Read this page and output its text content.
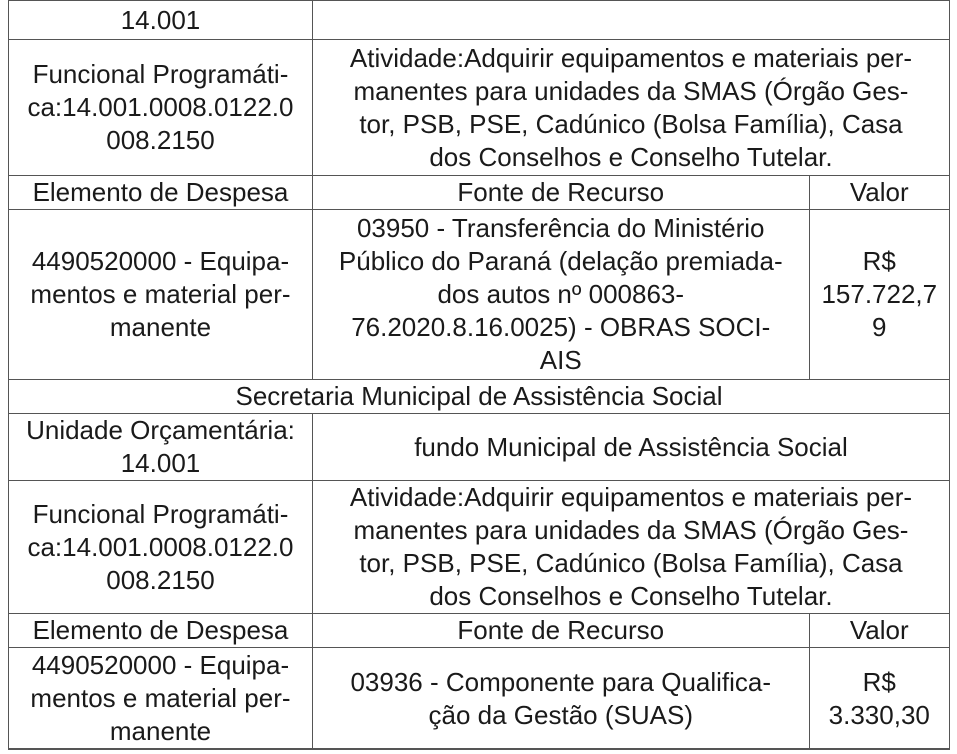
14.001		
Funcional Programáti-
ca:14.001.0008.0122.0
008.2150	Atividade:Adquirir equipamentos e materiais per-
manentes para unidades da SMAS (Órgão Ges-
tor, PSB, PSE, Cadúnico (Bolsa Família), Casa
dos Conselhos e Conselho Tutelar.	
Elemento de Despesa	Fonte de Recurso	Valor
4490520000 - Equipa-
mentos e material per-
manente	03950 - Transferência do Ministério
Público do Paraná (delação premiada-
dos autos nº 000863-
76.2020.8.16.0025) - OBRAS SOCI-
AIS	R$
157.722,7
9
Secretaria Municipal de Assistência Social		
Unidade Orçamentária:
14.001	fundo Municipal de Assistência Social	
Funcional Programáti-
ca:14.001.0008.0122.0
008.2150	Atividade:Adquirir equipamentos e materiais per-
manentes para unidades da SMAS (Órgão Ges-
tor, PSB, PSE, Cadúnico (Bolsa Família), Casa
dos Conselhos e Conselho Tutelar.	
Elemento de Despesa	Fonte de Recurso	Valor
4490520000 - Equipa-
mentos e material per-
manente	03936 - Componente para Qualifica-
ção da Gestão (SUAS)	R$
3.330,30
